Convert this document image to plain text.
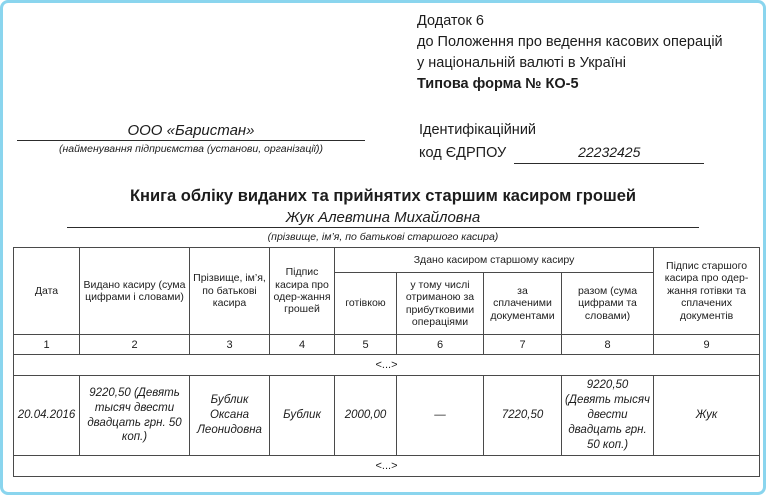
Додаток 6
до Положення про ведення касових операцій
у національній валюті в Україні
Типова форма № КО-5
ООО «Баристан»
(найменування підприємства (установи, організації))
Ідентифікаційний
код ЄДРПОУ	22232425
Книга обліку виданих та прийнятих старшим касиром грошей
Жук Алевтина Михайловна
(прізвище, ім’я, по батькові старшого касира)
Дата	Видано касиру (сума цифрами і словами)	Прізвище, ім’я, по батькові касира	Підпис касира про одер-жання грошей	Здано касиром старшому касиру				Підпис старшого касира про одер-жання готівки та сплачених документів
				готівкою	у тому числі отриманою за прибутковими операціями	за сплаченими документами	разом (сума цифрами та словами)	
1	2	3	4	5	6	7	8	9
<...>								
20.04.2016	9220,50 (Девять тысяч двести двадцать грн. 50 коп.)	Бублик Оксана Леонидовна	Бублик	2000,00	—	7220,50	9220,50 (Девять тысяч двести двадцать грн. 50 коп.)	Жук
<...>								
